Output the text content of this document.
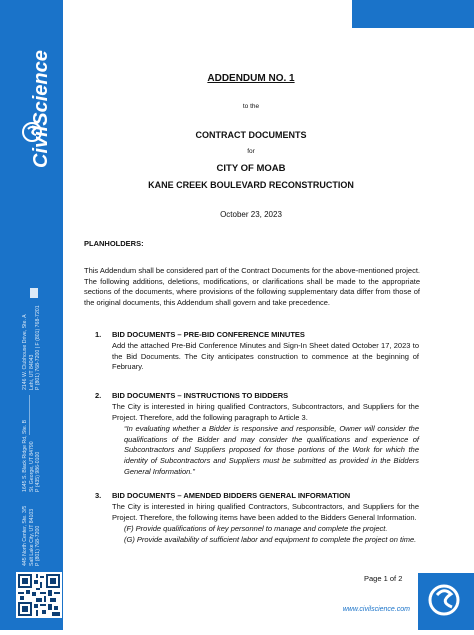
CivilScience
2146 W. Clubhouse Drive, Ste. A Lehi, UT 84043 P (801) 768-7200 | F (801) 768-7201
1645 S. Black Ridge Rd, Ste. B St. George, UT 84790 P (435) 986-0100
445 North Center, Ste. 3/5 Salt Lake City, UT 84103 P (801) 768-7200
ADDENDUM NO. 1
to the
CONTRACT DOCUMENTS
for
CITY OF MOAB
KANE CREEK BOULEVARD RECONSTRUCTION
October 23, 2023
PLANHOLDERS:
This Addendum shall be considered part of the Contract Documents for the above-mentioned project. The following additions, deletions, modifications, or clarifications shall be made to the appropriate sections of the documents, where provisions of the following supplementary data differ from those of the original documents, this Addendum shall govern and take precedence.
1. BID DOCUMENTS – PRE-BID CONFERENCE MINUTES
Add the attached Pre-Bid Conference Minutes and Sign-In Sheet dated October 17, 2023 to the Bid Documents. The City anticipates construction to commence at the beginning of February.
2. BID DOCUMENTS – INSTRUCTIONS TO BIDDERS
The City is interested in hiring qualified Contractors, Subcontractors, and Suppliers for the Project. Therefore, add the following paragraph to Article 3.
“In evaluating whether a Bidder is responsive and responsible, Owner will consider the qualifications of the Bidder and may consider the qualifications and experience of Subcontractors and Suppliers proposed for those portions of the Work for which the identity of Subcontractors and Suppliers must be submitted as provided in the Bidders General Information.”
3. BID DOCUMENTS – AMENDED BIDDERS GENERAL INFORMATION
The City is interested in hiring qualified Contractors, Subcontractors, and Suppliers for the Project. Therefore, the following items have been added to the Bidders General Information.
(F) Provide qualifications of key personnel to manage and complete the project.
(G) Provide availability of sufficient labor and equipment to complete the project on time.
Page 1 of 2
www.civilscience.com
